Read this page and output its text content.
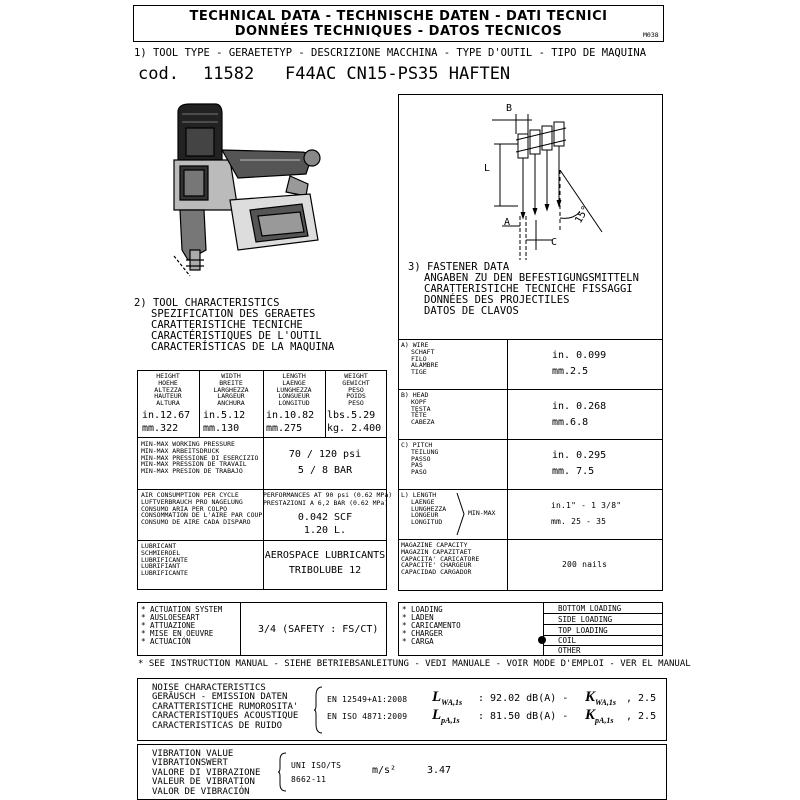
TECHNICAL DATA - TECHNISCHE DATEN - DATI TECNICI
DONNÉES TECHNIQUES - DATOS TECNICOS	M038
1) TOOL TYPE - GERAETETYP - DESCRIZIONE MACCHINA - TYPE D'OUTIL - TIPO DE MAQUINA
cod. 11582 F44AC CN15-PS35 HAFTEN
B
L
A
C
15°
2) TOOL CHARACTERISTICS
SPEZIFICATION DES GERAETES
CARATTERISTICHE TECNICHE
CARACTÉRISTIQUES DE L'OUTIL
CARACTERÍSTICAS DE LA MAQUINA
3) FASTENER DATA
ANGABEN ZU DEN BEFESTIGUNGSMITTELN
CARATTERISTICHE TECNICHE FISSAGGI
DONNÉES DES PROJECTILES
DATOS DE CLAVOS
HEIGHT
HOEHE
ALTEZZA
HAUTEUR
ALTURA
in.12.67
mm.322
WIDTH
BREITE
LARGHEZZA
LARGEUR
ANCHURA
in.5.12
mm.130
LENGTH
LAENGE
LUNGHEZZA
LONGUEUR
LONGITUD
in.10.82
mm.275
WEIGHT
GEWICHT
PESO
POIDS
PESO
lbs.5.29
kg. 2.400
MIN-MAX WORKING PRESSURE
MIN-MAX ARBEITSDRUCK
MIN-MAX PRESSIONE DI ESERCIZIO
MIN-MAX PRESSION DE TRAVAIL
MIN-MAX PRESION DE TRABAJO
70 / 120 psi
5 / 8 BAR
AIR CONSUMPTION PER CYCLE
LUFTVERBRAUCH PRO NAGELUNG
CONSUMO ARIA PER COLPO
CONSOMMATION DE L'AIRE PAR COUP
CONSUMO DE AIRE CADA DISPARO
PERFORMANCES AT 90 psi (0.62 MPa)
PRESTAZIONI A 6,2 BAR (0.62 MPa)
0.042 SCF
1.20 L.
LUBRICANT
SCHMIEROEL
LUBRIFICANTE
LUBRIFIANT
LUBRIFICANTE
AEROSPACE LUBRICANTS
TRIBOLUBE 12
A) WIRE
SCHAFT
FILO
ALAMBRE
TIGE
in. 0.099
mm.2.5
B) HEAD
KOPF
TESTA
TÊTE
CABEZA
in. 0.268
mm.6.8
C) PITCH
TEILUNG
PASSO
PAS
PASO
in. 0.295
mm. 7.5
L) LENGTH
LAENGE
LUNGHEZZA
LONGEUR
LONGITUD
MIN-MAX
in.1" - 1 3/8"
mm. 25 - 35
MAGAZINE CAPACITY
MAGAZIN CAPAZITAET
CAPACITA' CARICATORE
CAPACITE' CHARGEUR
CAPACIDAD CARGADOR
200 nails
* ACTUATION SYSTEM
* AUSLOESEART
* ATTUAZIONE
* MISE EN OEUVRE
* ACTUACIÓN
3/4 (SAFETY : FS/CT)
* LOADING
* LADEN
* CARICAMENTO
* CHARGER
* CARGA
BOTTOM LOADING
SIDE LOADING
TOP LOADING
COIL
OTHER
* SEE INSTRUCTION MANUAL - SIEHE BETRIEBSANLEITUNG - VEDI MANUALE - VOIR MODE D'EMPLOI - VER EL MANUAL
NOISE CHARACTERISTICS
GERÄUSCH - EMISSION DATEN
CARATTERISTICHE RUMOROSITA'
CARACTERISTIQUES ACOUSTIQUE
CARACTERISTICAS DE RUIDO
EN 12549+A1:2008
EN ISO 4871:2009
$L_{WA,1s}$ : 92.02 $dB(A) - K_{WA,1s}$ , 2.5
$L_{pA,1s}$ : 81.50 $dB(A) - K_{pA,1s}$ , 2.5
VIBRATION VALUE
VIBRATIONSWERT
VALORE DI VIBRAZIONE
VALEUR DE VIBRATION
VALOR DE VIBRACIÓN
UNI ISO/TS
8662-11
m/s²	3.47
